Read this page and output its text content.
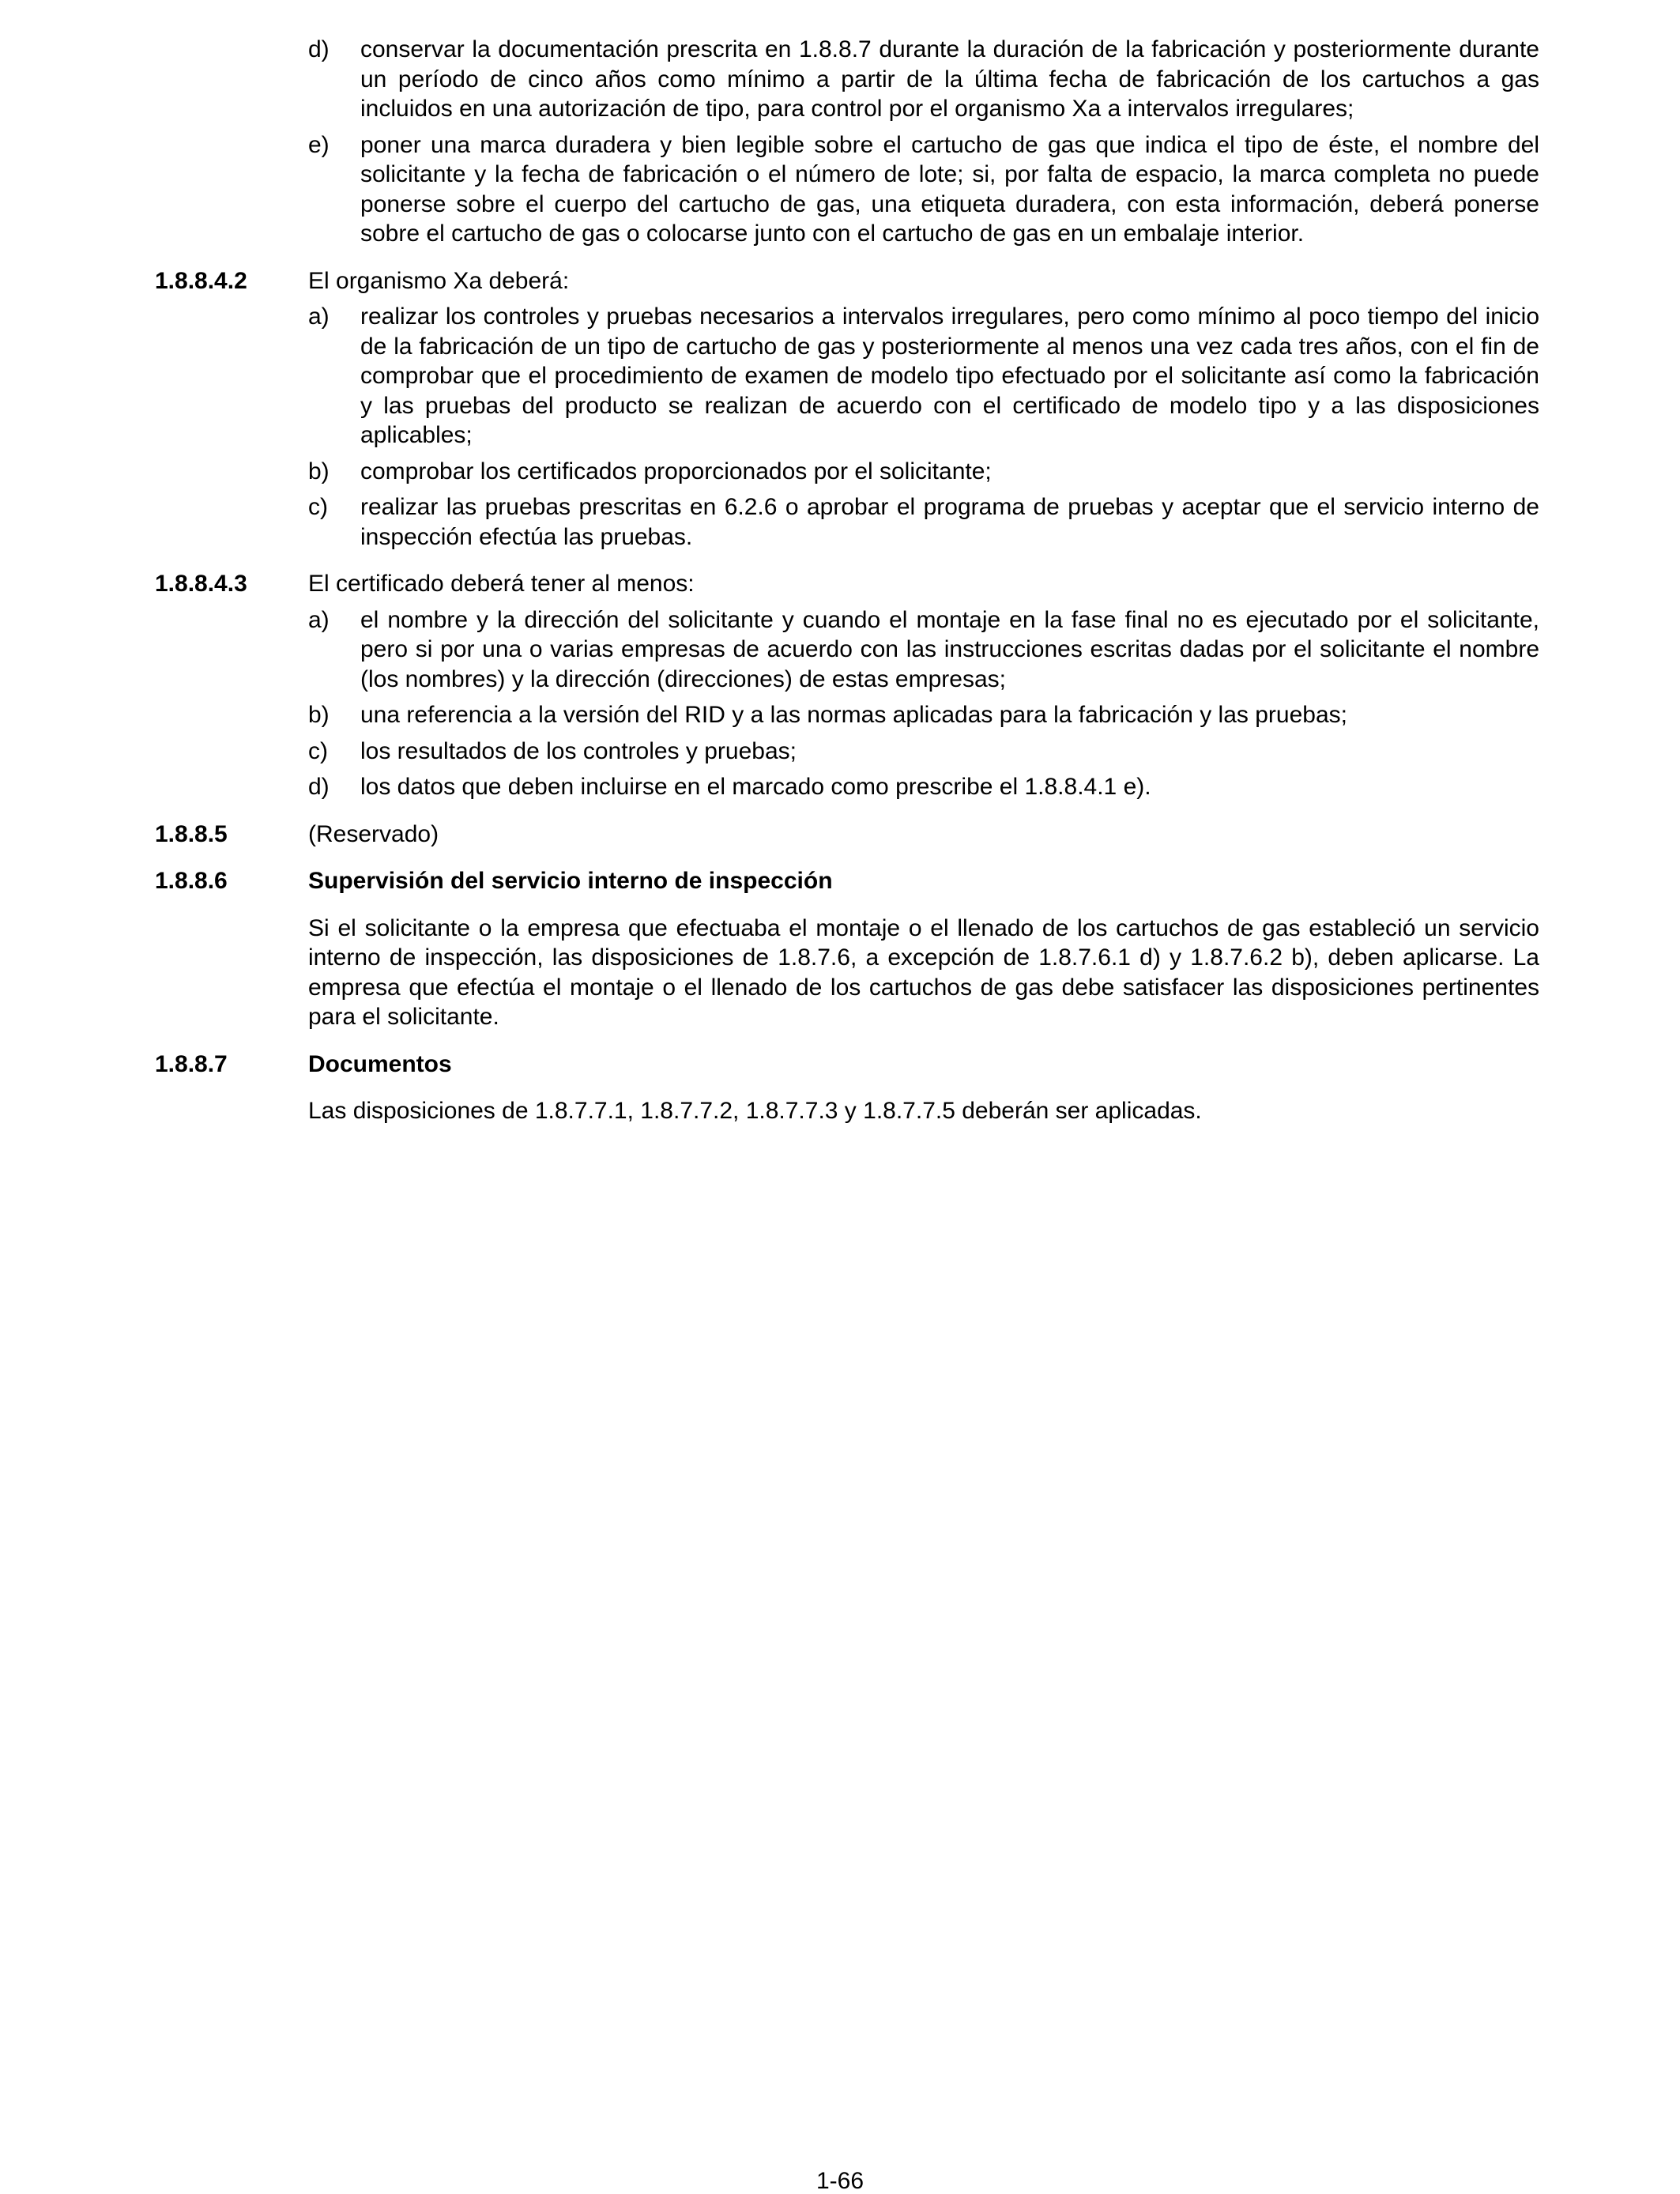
d)	conservar la documentación prescrita en 1.8.8.7 durante la duración de la fabricación y posteriormente durante un período de cinco años como mínimo a partir de la última fecha de fabricación de los cartuchos a gas incluidos en una autorización de tipo, para control por el organismo Xa a intervalos irregulares;
e)	poner una marca duradera y bien legible sobre el cartucho de gas que indica el tipo de éste, el nombre del solicitante y la fecha de fabricación o el número de lote; si, por falta de espacio, la marca completa no puede ponerse sobre el cuerpo del cartucho de gas, una etiqueta duradera, con esta información, deberá ponerse sobre el cartucho de gas o colocarse junto con el cartucho de gas en un embalaje interior.
1.8.8.4.2	El organismo Xa deberá:
a)	realizar los controles y pruebas necesarios a intervalos irregulares, pero como mínimo al poco tiempo del inicio de la fabricación de un tipo de cartucho de gas y posteriormente al menos una vez cada tres años, con el fin de comprobar que el procedimiento de examen de modelo tipo efectuado por el solicitante así como la fabricación y las pruebas del producto se realizan de acuerdo con el certificado de modelo tipo y a las disposiciones aplicables;
b)	comprobar los certificados proporcionados por el solicitante;
c)	realizar las pruebas prescritas en 6.2.6 o aprobar el programa de pruebas y aceptar que el servicio interno de inspección efectúa las pruebas.
1.8.8.4.3	El certificado deberá tener al menos:
a)	el nombre y la dirección del solicitante y cuando el montaje en la fase final no es ejecutado por el solicitante, pero si por una o varias empresas de acuerdo con las instrucciones escritas dadas por el solicitante el nombre (los nombres) y la dirección (direcciones) de estas empresas;
b)	una referencia a la versión del RID y a las normas aplicadas para la fabricación y las pruebas;
c)	los resultados de los controles y pruebas;
d)	los datos que deben incluirse en el marcado como prescribe el 1.8.8.4.1 e).
1.8.8.5	(Reservado)
1.8.8.6	Supervisión del servicio interno de inspección
Si el solicitante o la empresa que efectuaba el montaje o el llenado de los cartuchos de gas estableció un servicio interno de inspección, las disposiciones de 1.8.7.6, a excepción de 1.8.7.6.1 d) y 1.8.7.6.2 b), deben aplicarse. La empresa que efectúa el montaje o el llenado de los cartuchos de gas debe satisfacer las disposiciones pertinentes para el solicitante.
1.8.8.7	Documentos
Las disposiciones de 1.8.7.7.1, 1.8.7.7.2, 1.8.7.7.3 y 1.8.7.7.5 deberán ser aplicadas.
1-66
